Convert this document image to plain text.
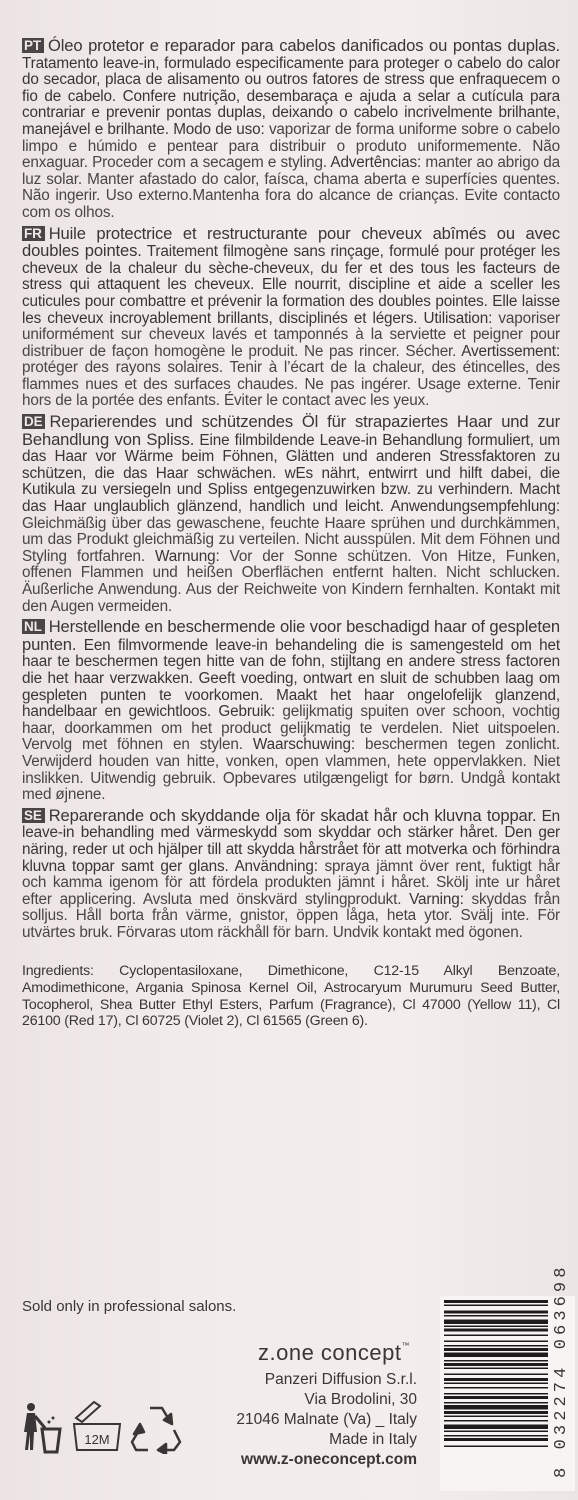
PT Óleo protetor e reparador para cabelos danificados ou pontas duplas. Tratamento leave-in, formulado especificamente para proteger o cabelo do calor do secador, placa de alisamento ou outros fatores de stress que enfraquecem o fio de cabelo. Confere nutrição, desembaraça e ajuda a selar a cutícula para contrariar e prevenir pontas duplas, deixando o cabelo incrivelmente brilhante, manejável e brilhante. Modo de uso: vaporizar de forma uniforme sobre o cabelo limpo e húmido e pentear para distribuir o produto uniformemente. Não enxaguar. Proceder com a secagem e styling. Advertências: manter ao abrigo da luz solar. Manter afastado do calor, faísca, chama aberta e superfícies quentes. Não ingerir. Uso externo.Mantenha fora do alcance de crianças. Evite contacto com os olhos.

FR Huile protectrice et restructurante pour cheveux abîmés ou avec doubles pointes. Traitement filmogène sans rinçage, formulé pour protéger les cheveux de la chaleur du sèche-cheveux, du fer et des tous les facteurs de stress qui attaquent les cheveux. Elle nourrit, discipline et aide a sceller les cuticules pour combattre et prévenir la formation des doubles pointes. Elle laisse les cheveux incroyablement brillants, disciplinés et légers. Utilisation: vaporiser uniformément sur cheveux lavés et tamponnés à la serviette et peigner pour distribuer de façon homogène le produit. Ne pas rincer. Sécher. Avertissement: protéger des rayons solaires. Tenir à l’écart de la chaleur, des étincelles, des flammes nues et des surfaces chaudes. Ne pas ingérer. Usage externe. Tenir hors de la portée des enfants. Éviter le contact avec les yeux.

DE Reparierendes und schützendes Öl für strapaziertes Haar und zur Behandlung von Spliss. Eine filmbildende Leave-in Behandlung formuliert, um das Haar vor Wärme beim Föhnen, Glätten und anderen Stressfaktoren zu schützen, die das Haar schwächen. wEs nährt, entwirrt und hilft dabei, die Kutikula zu versiegeln und Spliss entgegenzuwirken bzw. zu verhindern. Macht das Haar unglaublich glänzend, handlich und leicht. Anwendungsempfehlung: Gleichmäßig über das gewaschene, feuchte Haare sprühen und durchkämmen, um das Produkt gleichmäßig zu verteilen. Nicht ausspülen. Mit dem Föhnen und Styling fortfahren. Warnung: Vor der Sonne schützen. Von Hitze, Funken, offenen Flammen und heißen Oberflächen entfernt halten. Nicht schlucken. Äußerliche Anwendung. Aus der Reichweite von Kindern fernhalten. Kontakt mit den Augen vermeiden.

NL Herstellende en beschermende olie voor beschadigd haar of gespleten punten. Een filmvormende leave-in behandeling die is samengesteld om het haar te beschermen tegen hitte van de fohn, stijltang en andere stress factoren die het haar verzwakken. Geeft voeding, ontwart en sluit de schubben laag om gespleten punten te voorkomen. Maakt het haar ongelofelijk glanzend, handelbaar en gewichtloos. Gebruik: gelijkmatig spuiten over schoon, vochtig haar, doorkammen om het product gelijkmatig te verdelen. Niet uitspoelen. Vervolg met föhnen en stylen. Waarschuwing: beschermen tegen zonlicht. Verwijderd houden van hitte, vonken, open vlammen, hete oppervlakken. Niet inslikken. Uitwendig gebruik. Opbevares utilgængeligt for børn. Undgå kontakt med øjnene.

SE Reparerande och skyddande olja för skadat hår och kluvna toppar. En leave-in behandling med värmeskydd som skyddar och stärker håret. Den ger näring, reder ut och hjälper till att skydda hårstrået för att motverka och förhindra kluvna toppar samt ger glans. Användning: spraya jämnt över rent, fuktigt hår och kamma igenom för att fördela produkten jämnt i håret. Skölj inte ur håret efter applicering. Avsluta med önskvärd stylingprodukt. Varning: skyddas från solljus. Håll borta från värme, gnistor, öppen låga, heta ytor. Svälj inte. För utvärtes bruk. Förvaras utom räckhåll för barn. Undvik kontakt med ögonen.

Ingredients: Cyclopentasiloxane, Dimethicone, C12-15 Alkyl Benzoate, Amodimethicone, Argania Spinosa Kernel Oil, Astrocaryum Murumuru Seed Butter, Tocopherol, Shea Butter Ethyl Esters, Parfum (Fragrance), Cl 47000 (Yellow 11), Cl 26100 (Red 17), Cl 60725 (Violet 2), Cl 61565 (Green 6).

Sold only in professional salons.
z.one concept™
Panzeri Diffusion S.r.l.
Via Brodolini, 30
21046 Malnate (Va) _ Italy
Made in Italy
www.z-oneconcept.com
12M	8 032274 063698
